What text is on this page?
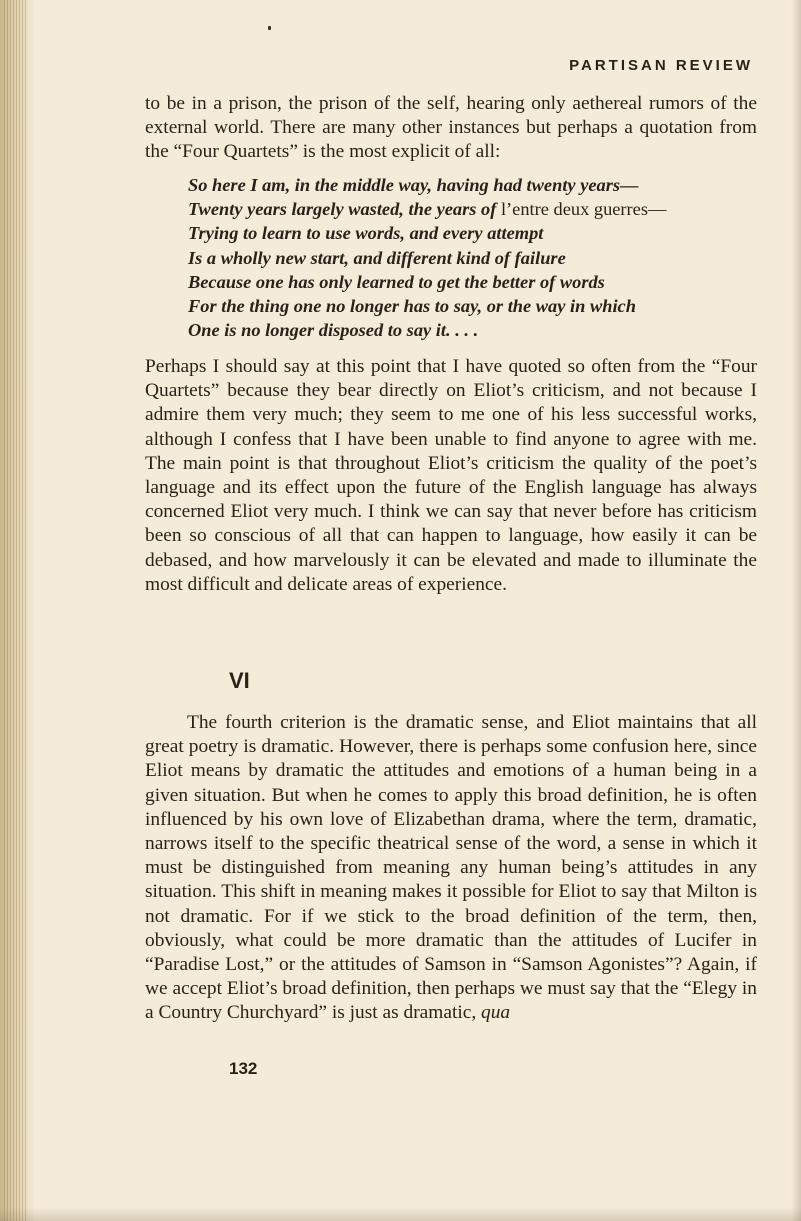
PARTISAN REVIEW

to be in a prison, the prison of the self, hearing only aethereal rumors of the external world. There are many other instances but perhaps a quotation from the “Four Quartets” is the most explicit of all:

So here I am, in the middle way, having had twenty years—
Twenty years largely wasted, the years of l’entre deux guerres—
Trying to learn to use words, and every attempt
Is a wholly new start, and different kind of failure
Because one has only learned to get the better of words
For the thing one no longer has to say, or the way in which
One is no longer disposed to say it. . . .

Perhaps I should say at this point that I have quoted so often from the “Four Quartets” because they bear directly on Eliot’s criticism, and not because I admire them very much; they seem to me one of his less successful works, although I confess that I have been unable to find anyone to agree with me. The main point is that throughout Eliot’s criticism the quality of the poet’s language and its effect upon the future of the English language has always concerned Eliot very much. I think we can say that never before has criticism been so conscious of all that can happen to language, how easily it can be debased, and how marvelously it can be elevated and made to illuminate the most difficult and delicate areas of experience.

VI

The fourth criterion is the dramatic sense, and Eliot maintains that all great poetry is dramatic. However, there is perhaps some confusion here, since Eliot means by dramatic the attitudes and emotions of a human being in a given situation. But when he comes to apply this broad definition, he is often influenced by his own love of Elizabethan drama, where the term, dramatic, narrows itself to the specific theatrical sense of the word, a sense in which it must be distinguished from meaning any human being’s attitudes in any situation. This shift in meaning makes it possible for Eliot to say that Milton is not dramatic. For if we stick to the broad definition of the term, then, obviously, what could be more dramatic than the attitudes of Lucifer in “Paradise Lost,” or the attitudes of Samson in “Samson Agonistes”? Again, if we accept Eliot’s broad definition, then perhaps we must say that the “Elegy in a Country Churchyard” is just as dramatic, qua

132
